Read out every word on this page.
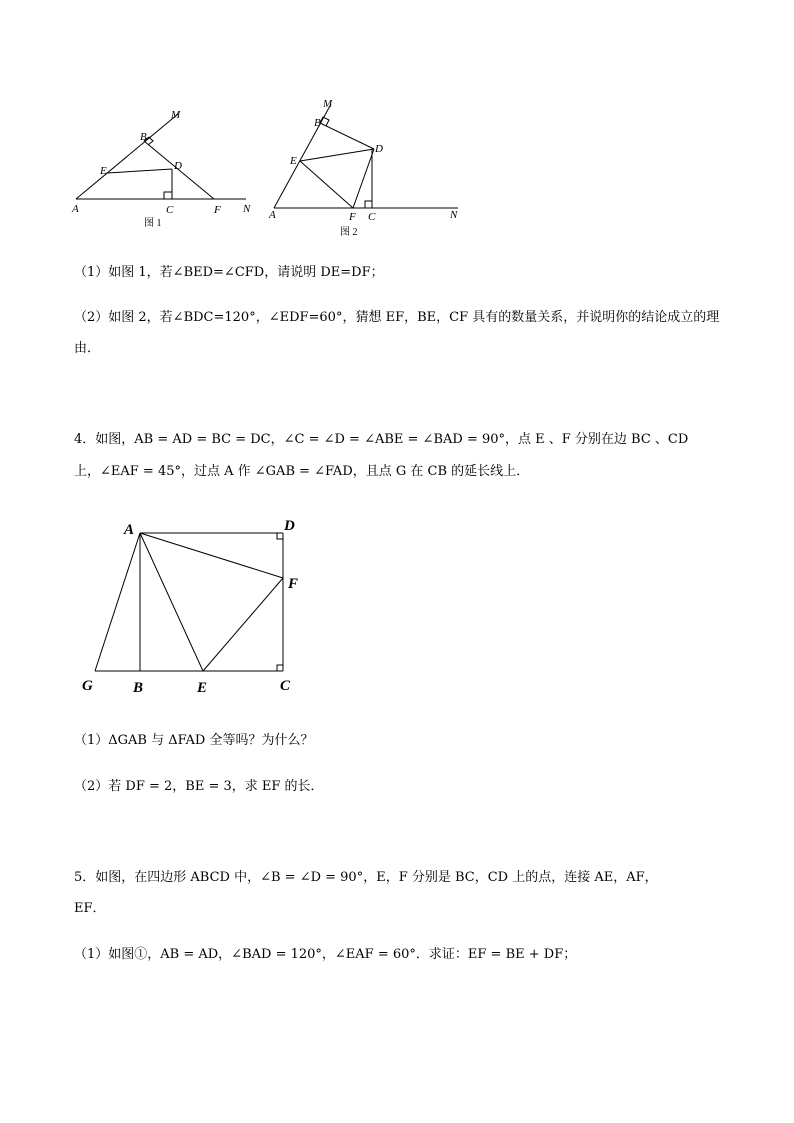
M
B
E	D
A	C	F N
图 1
M
B
E
D
A	F C	N
图 2
（1）如图 1，若∠BED=∠CFD，请说明 DE=DF；
（2）如图 2，若∠BDC=120°，∠EDF=60°，猜想 EF，BE，CF 具有的数量关系，并说明你的结论成立的理
由．
4．如图，AB = AD = BC = DC，∠C = ∠D = ∠ABE = ∠BAD = 90°，点 E 、F 分别在边 BC 、CD
上，∠EAF = 45°，过点 A 作 ∠GAB = ∠FAD，且点 G 在 CB 的延长线上．
A	D
F
G	B	E	C
（1）ΔGAB 与 ΔFAD 全等吗？为什么？
（2）若 DF = 2，BE = 3，求 EF 的长．
5．如图，在四边形 ABCD 中，∠B = ∠D = 90°，E，F 分别是 BC，CD 上的点，连接 AE，AF，
EF．
（1）如图①，AB = AD，∠BAD = 120°，∠EAF = 60°．求证：EF = BE + DF；
